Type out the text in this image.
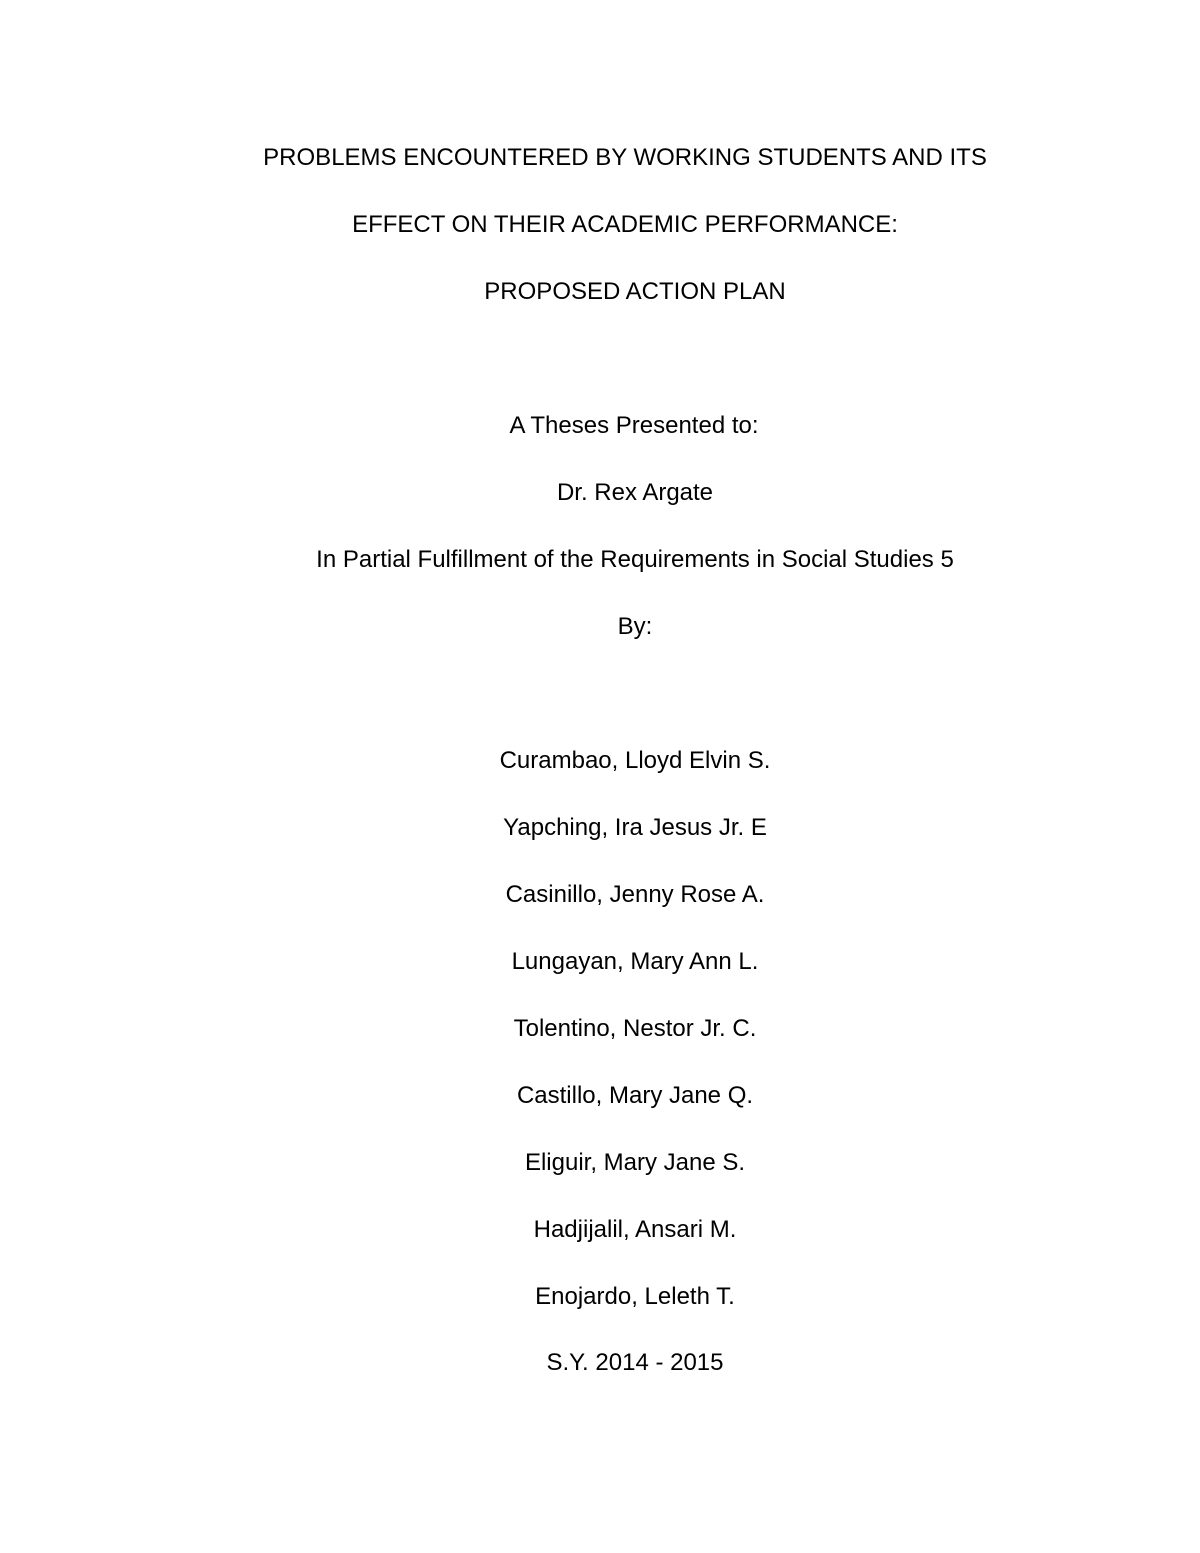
PROBLEMS ENCOUNTERED BY WORKING STUDENTS AND ITS
EFFECT ON THEIR ACADEMIC PERFORMANCE:
PROPOSED ACTION PLAN
A Theses Presented to:
Dr. Rex Argate
In Partial Fulfillment of the Requirements in Social Studies 5
By:
Curambao, Lloyd Elvin S.
Yapching, Ira Jesus Jr. E
Casinillo, Jenny Rose A.
Lungayan, Mary Ann L.
Tolentino, Nestor Jr. C.
Castillo, Mary Jane Q.
Eliguir, Mary Jane S.
Hadjijalil, Ansari M.
Enojardo, Leleth T.
S.Y. 2014 - 2015
